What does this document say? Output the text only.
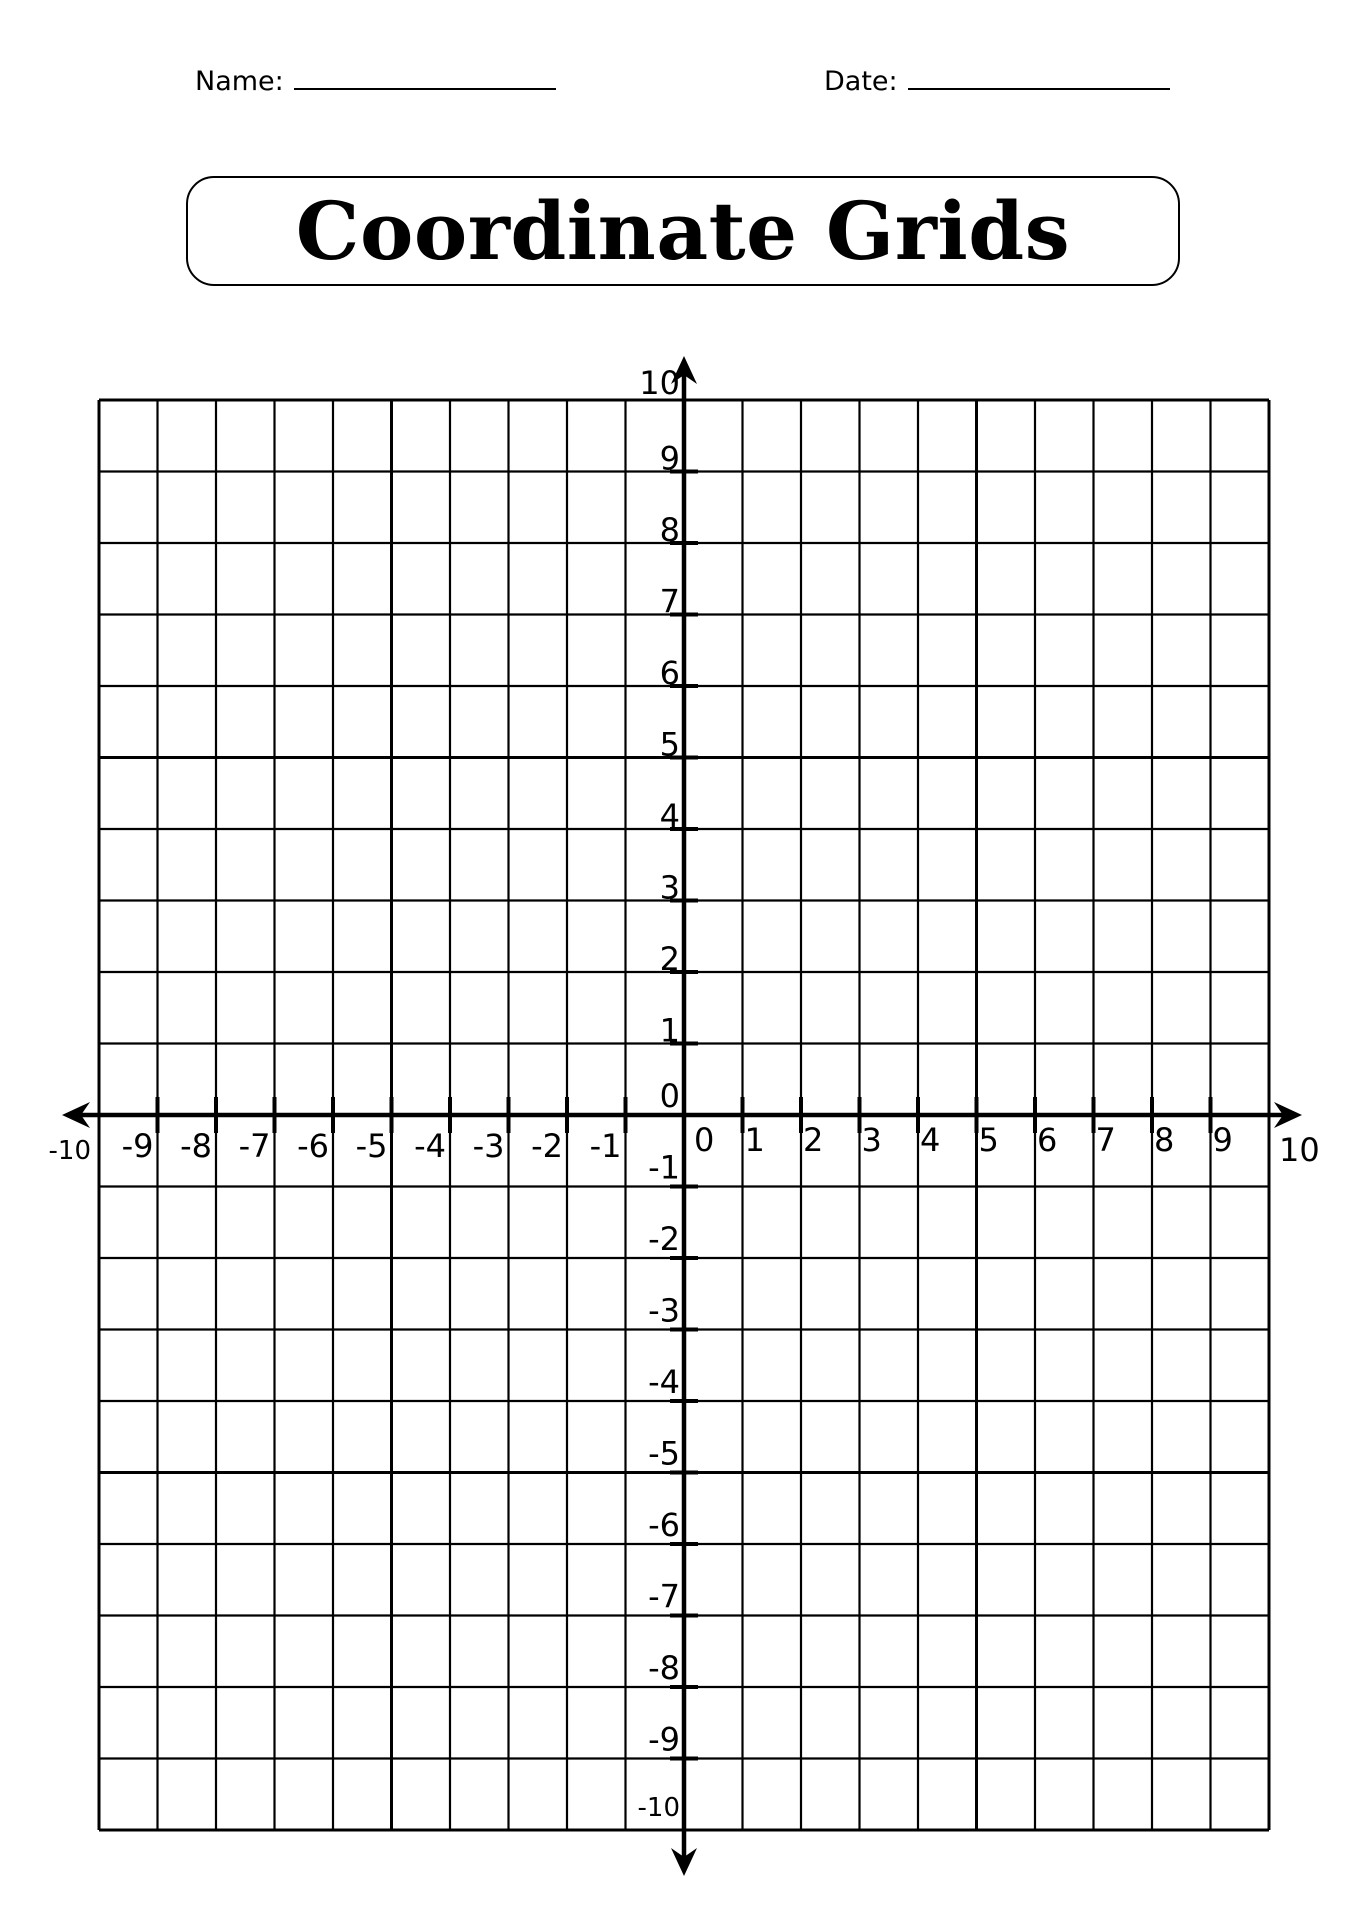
Name:	Date:
Coordinate Grids
-10 -9 -8 -7 -6 -5 -4 -3 -2 -1 0 1 2 3 4 5 6 7 8 9 10
10
9
8
7
6
5
4
3
2
1
0
-1
-2
-3
-4
-5
-6
-7
-8
-9
-10
